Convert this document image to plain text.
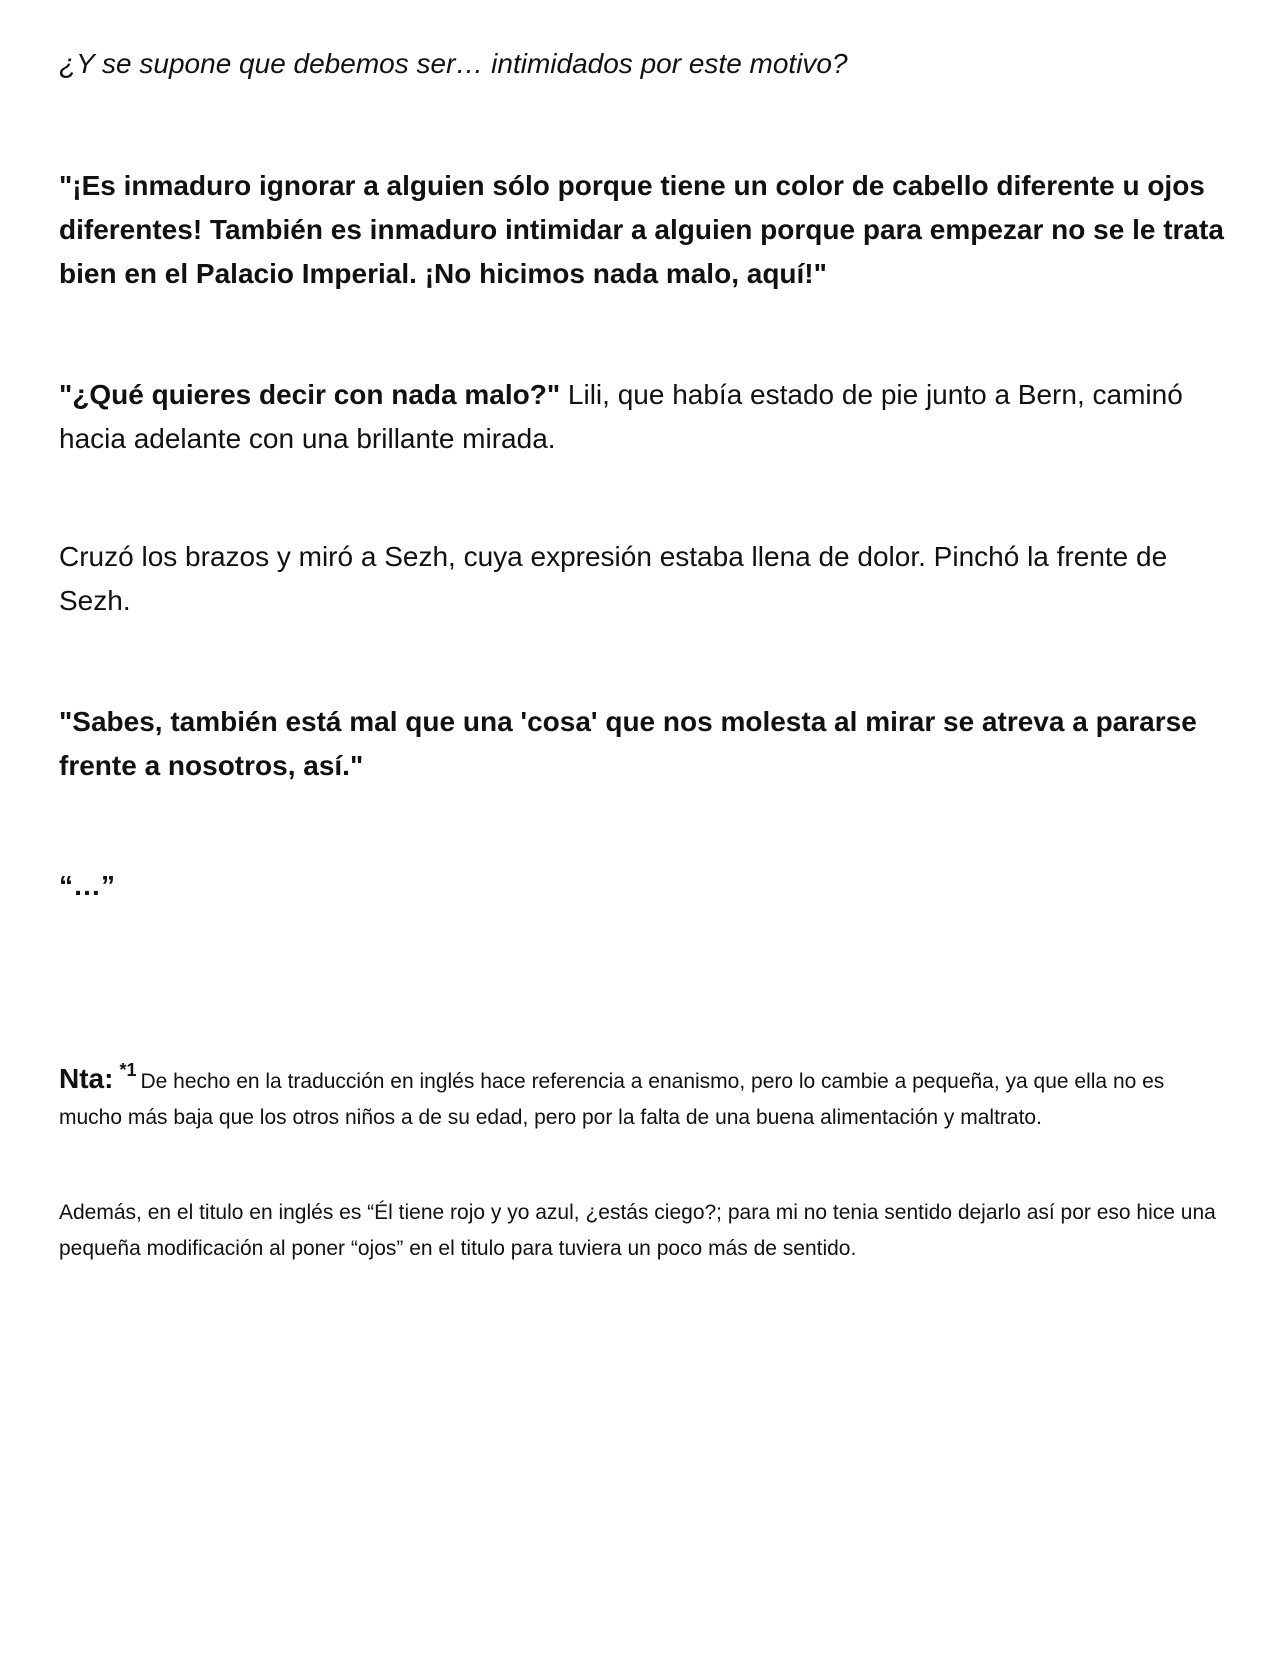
¿Y se supone que debemos ser… intimidados por este motivo?

"¡Es inmaduro ignorar a alguien sólo porque tiene un color de cabello diferente u ojos diferentes! También es inmaduro intimidar a alguien porque para empezar no se le trata bien en el Palacio Imperial. ¡No hicimos nada malo, aquí!"

"¿Qué quieres decir con nada malo?" Lili, que había estado de pie junto a Bern, caminó hacia adelante con una brillante mirada.

Cruzó los brazos y miró a Sezh, cuya expresión estaba llena de dolor. Pinchó la frente de Sezh.

"Sabes, también está mal que una 'cosa' que nos molesta al mirar se atreva a pararse frente a nosotros, así."

“…”

Nta: *1 De hecho en la traducción en inglés hace referencia a enanismo, pero lo cambie a pequeña, ya que ella no es mucho más baja que los otros niños a de su edad, pero por la falta de una buena alimentación y maltrato.

Además, en el titulo en inglés es “Él tiene rojo y yo azul, ¿estás ciego?; para mi no tenia sentido dejarlo así por eso hice una pequeña modificación al poner “ojos” en el titulo para tuviera un poco más de sentido.
